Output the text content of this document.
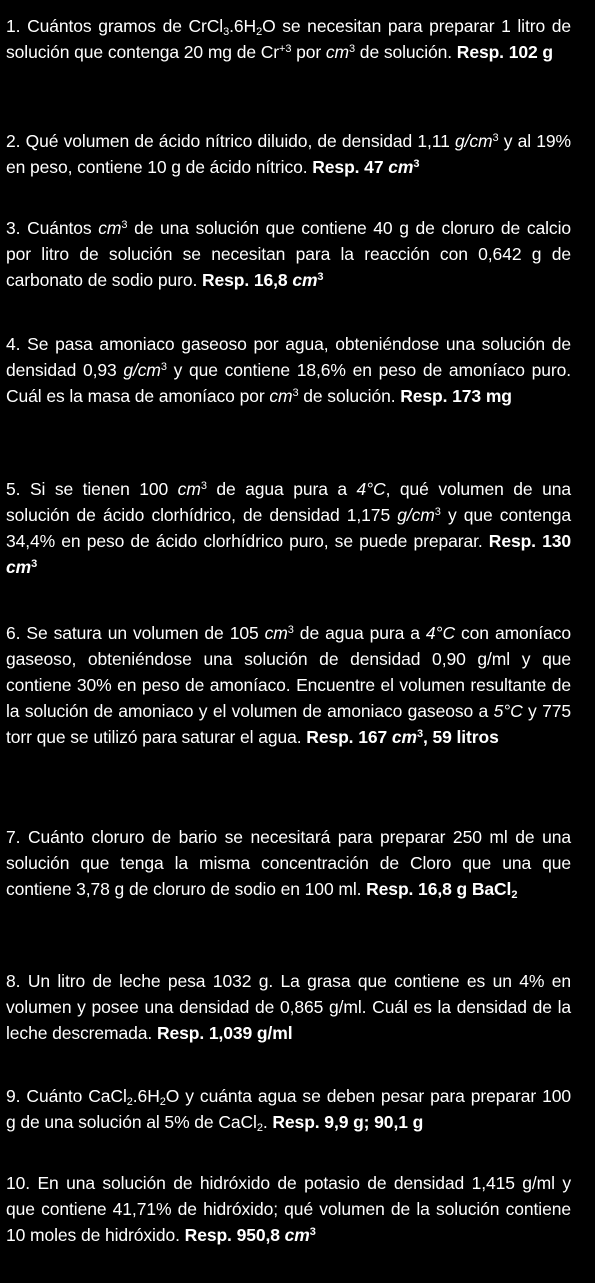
1. Cuántos gramos de $CrCl_3.6H_2O$ se necesitan para preparar 1 litro de solución que contenga 20 mg de $Cr^{+3}$ por $cm^3$ de solución. Resp. 102 g
2. Qué volumen de ácido nítrico diluido, de densidad 1,11 $g/cm^3$ y al 19% en peso, contiene 10 g de ácido nítrico. Resp. 47 $cm^3$
3. Cuántos $cm^3$ de una solución que contiene 40 g de cloruro de calcio por litro de solución se necesitan para la reacción con 0,642 g de carbonato de sodio puro. Resp. 16,8 $cm^3$
4. Se pasa amoniaco gaseoso por agua, obteniéndose una solución de densidad 0,93 $g/cm^3$ y que contiene 18,6% en peso de amoníaco puro. Cuál es la masa de amoníaco por $cm^3$ de solución. Resp. 173 mg
5. Si se tienen 100 $cm^3$ de agua pura a 4°C, qué volumen de una solución de ácido clorhídrico, de densidad 1,175 $g/cm^3$ y que contenga 34,4% en peso de ácido clorhídrico puro, se puede preparar. Resp. 130 $cm^3$
6. Se satura un volumen de 105 $cm^3$ de agua pura a 4°C con amoníaco gaseoso, obteniéndose una solución de densidad 0,90 g/ml y que contiene 30% en peso de amoníaco. Encuentre el volumen resultante de la solución de amoniaco y el volumen de amoniaco gaseoso a 5°C y 775 torr que se utilizó para saturar el agua. Resp. 167 $cm^3$, 59 litros
7. Cuánto cloruro de bario se necesitará para preparar 250 ml de una solución que tenga la misma concentración de Cloro que una que contiene 3,78 g de cloruro de sodio en 100 ml. Resp. 16,8 g BaCl$_2$
8. Un litro de leche pesa 1032 g. La grasa que contiene es un 4% en volumen y posee una densidad de 0,865 g/ml. Cuál es la densidad de la leche descremada. Resp. 1,039 g/ml
9. Cuánto $CaCl_2.6H_2O$ y cuánta agua se deben pesar para preparar 100 g de una solución al 5% de CaCl$_2$. Resp. 9,9 g; 90,1 g
10. En una solución de hidróxido de potasio de densidad 1,415 g/ml y que contiene 41,71% de hidróxido; qué volumen de la solución contiene 10 moles de hidróxido. Resp. 950,8 $cm^3$
